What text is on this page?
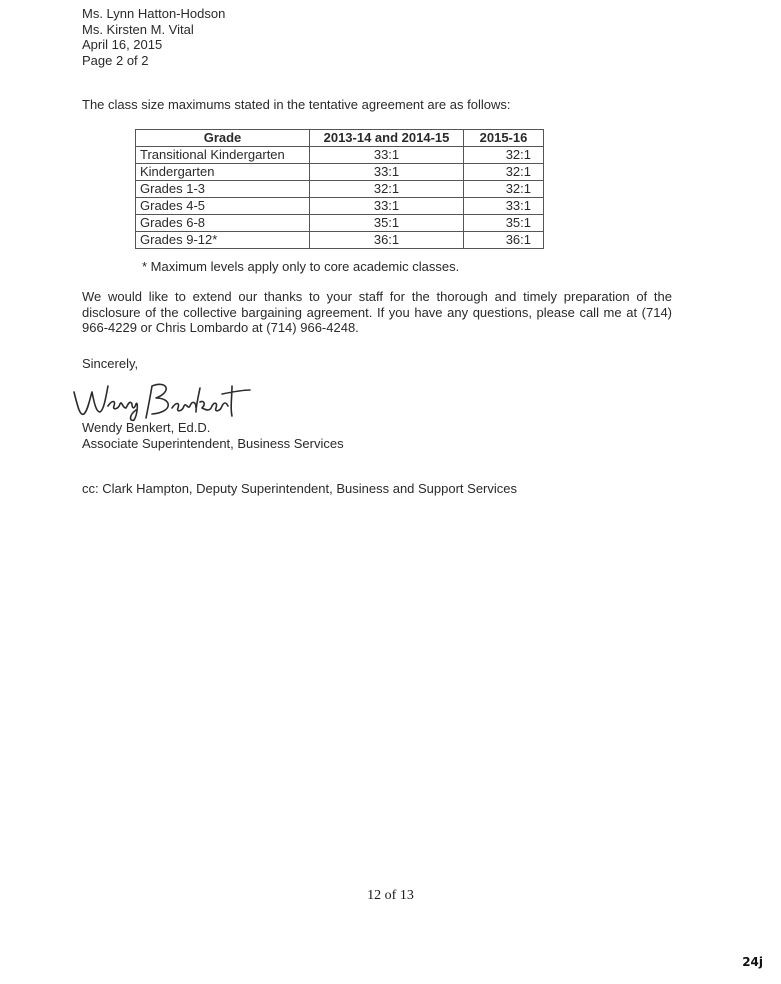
Ms. Lynn Hatton-Hodson
Ms. Kirsten M. Vital
April 16, 2015
Page 2 of 2
The class size maximums stated in the tentative agreement are as follows:
Grade	2013-14 and 2014-15	2015-16
Transitional Kindergarten	33:1	32:1
Kindergarten	33:1	32:1
Grades 1-3	32:1	32:1
Grades 4-5	33:1	33:1
Grades 6-8	35:1	35:1
Grades 9-12*	36:1	36:1
* Maximum levels apply only to core academic classes.
We would like to extend our thanks to your staff for the thorough and timely preparation of the disclosure of the collective bargaining agreement. If you have any questions, please call me at (714) 966-4229 or Chris Lombardo at (714) 966-4248.
Sincerely,
Wendy Benkert, Ed.D.
Associate Superintendent, Business Services
cc: Clark Hampton, Deputy Superintendent, Business and Support Services
12 of 13
24j
